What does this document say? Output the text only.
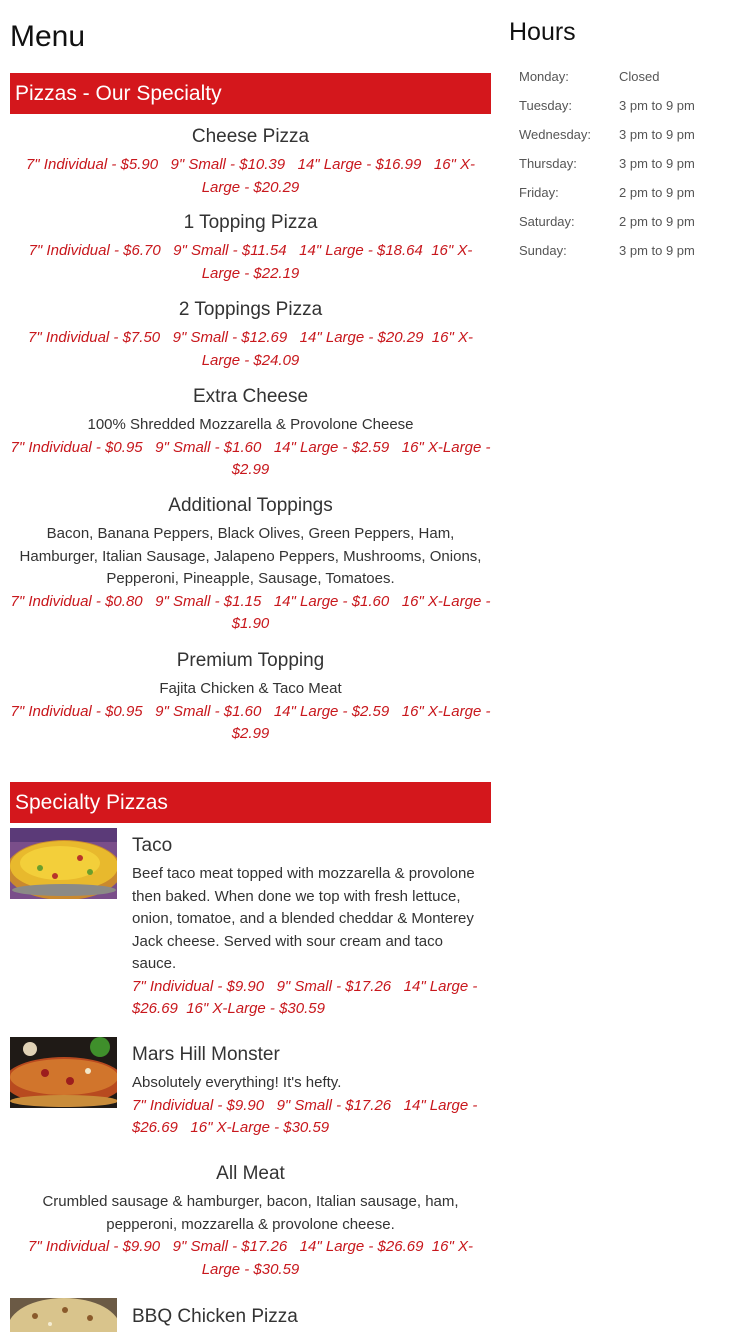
Menu
Pizzas - Our Specialty
Cheese Pizza
7" Individual - $5.90   9" Small - $10.39   14" Large - $16.99   16" X-Large - $20.29
1 Topping Pizza
7" Individual - $6.70   9" Small - $11.54   14" Large - $18.64  16" X-Large - $22.19
2 Toppings Pizza
7" Individual - $7.50   9" Small - $12.69   14" Large - $20.29  16" X-Large - $24.09
Extra Cheese
100% Shredded Mozzarella & Provolone Cheese
7" Individual - $0.95   9" Small - $1.60   14" Large - $2.59   16" X-Large - $2.99
Additional Toppings
Bacon, Banana Peppers, Black Olives, Green Peppers, Ham, Hamburger, Italian Sausage, Jalapeno Peppers, Mushrooms, Onions, Pepperoni, Pineapple, Sausage, Tomatoes.
7" Individual - $0.80   9" Small - $1.15   14" Large - $1.60   16" X-Large - $1.90
Premium Topping
Fajita Chicken & Taco Meat
7" Individual - $0.95   9" Small - $1.60   14" Large - $2.59   16" X-Large - $2.99
Specialty Pizzas
Taco
Beef taco meat topped with mozzarella & provolone then baked. When done we top with fresh lettuce, onion, tomatoe, and a blended cheddar & Monterey Jack cheese. Served with sour cream and taco sauce.
7" Individual - $9.90   9" Small - $17.26   14" Large - $26.69  16" X-Large - $30.59
Mars Hill Monster
Absolutely everything! It's hefty.
7" Individual - $9.90   9" Small - $17.26   14" Large - $26.69   16" X-Large - $30.59
All Meat
Crumbled sausage & hamburger, bacon, Italian sausage, ham, pepperoni, mozzarella & provolone cheese.
7" Individual - $9.90   9" Small - $17.26   14" Large - $26.69  16" X-Large - $30.59
BBQ Chicken Pizza
Hours
Monday:	Closed
Tuesday:	3 pm to 9 pm
Wednesday:	3 pm to 9 pm
Thursday:	3 pm to 9 pm
Friday:	2 pm to 9 pm
Saturday:	2 pm to 9 pm
Sunday:	3 pm to 9 pm
